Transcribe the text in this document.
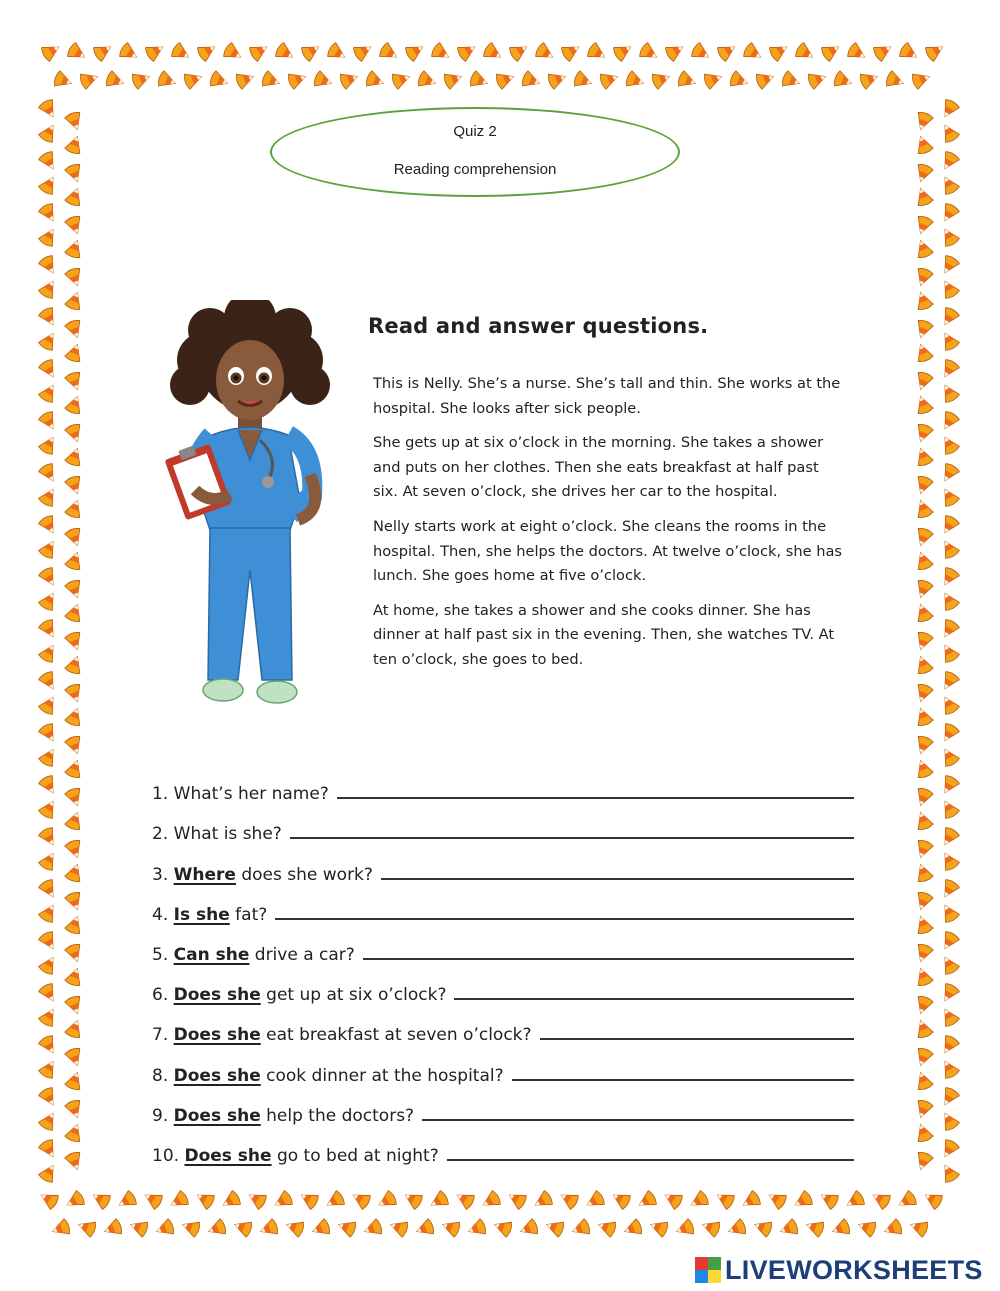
Quiz 2
Reading comprehension
Read and answer questions.

This is Nelly. She’s a nurse. She’s tall and thin. She works at the hospital. She looks after sick people.

She gets up at six o’clock in the morning. She takes a shower and puts on her clothes. Then she eats breakfast at half past six. At seven o’clock, she drives her car to the hospital.

Nelly starts work at eight o’clock. She cleans the rooms in the hospital. Then, she helps the doctors. At twelve o’clock, she has lunch. She goes home at five o’clock.

At home, she takes a shower and she cooks dinner. She has dinner at half past six in the evening. Then, she watches TV. At ten o’clock, she goes to bed.

1. What’s her name?
2. What is she?
3. Where does she work?
4. Is she fat?
5. Can she drive a car?
6. Does she get up at six o’clock?
7. Does she eat breakfast at seven o’clock?
8. Does she cook dinner at the hospital?
9. Does she help the doctors?
10. Does she go to bed at night?
LIVEWORKSHEETS
